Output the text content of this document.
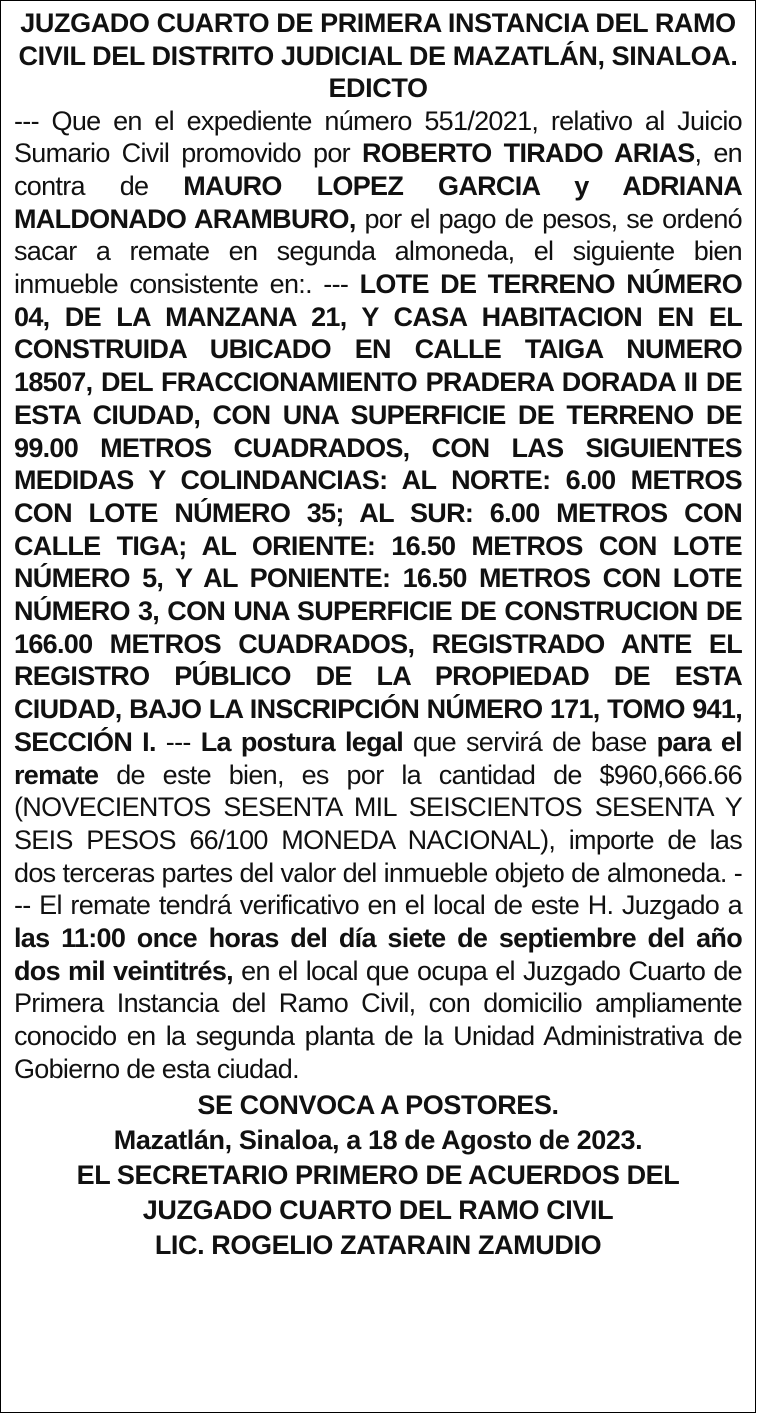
JUZGADO CUARTO DE PRIMERA INSTANCIA DEL RAMO
CIVIL DEL DISTRITO JUDICIAL DE MAZATLÁN, SINALOA.
EDICTO
--- Que en el expediente número 551/2021, relativo al Juicio Sumario Civil promovido por ROBERTO TIRADO ARIAS, en contra de MAURO LOPEZ GARCIA y ADRIANA MALDONADO ARAMBURO, por el pago de pesos, se ordenó sacar a remate en segunda almoneda, el siguiente bien inmueble consistente en:. --- LOTE DE TERRENO NÚMERO 04, DE LA MANZANA 21, Y CASA HABITACION EN EL CONSTRUIDA UBICADO EN CALLE TAIGA NUMERO 18507, DEL FRACCIONAMIENTO PRADERA DORADA II DE ESTA CIUDAD, CON UNA SUPERFICIE DE TERRENO DE 99.00 METROS CUADRADOS, CON LAS SIGUIENTES MEDIDAS Y COLINDANCIAS: AL NORTE: 6.00 METROS CON LOTE NÚMERO 35; AL SUR: 6.00 METROS CON CALLE TIGA; AL ORIENTE: 16.50 METROS CON LOTE NÚMERO 5, Y AL PONIENTE: 16.50 METROS CON LOTE NÚMERO 3, CON UNA SUPERFICIE DE CONSTRUCION DE 166.00 METROS CUADRADOS, REGISTRADO ANTE EL REGISTRO PÚBLICO DE LA PROPIEDAD DE ESTA CIUDAD, BAJO LA INSCRIPCIÓN NÚMERO 171, TOMO 941, SECCIÓN I. --- La postura legal que servirá de base para el remate de este bien, es por la cantidad de $960,666.66 (NOVECIENTOS SESENTA MIL SEISCIENTOS SESENTA Y SEIS PESOS 66/100 MONEDA NACIONAL), importe de las dos terceras partes del valor del inmueble objeto de almoneda. --- El remate tendrá verificativo en el local de este H. Juzgado a las 11:00 once horas del día siete de septiembre del año dos mil veintitrés, en el local que ocupa el Juzgado Cuarto de Primera Instancia del Ramo Civil, con domicilio ampliamente conocido en la segunda planta de la Unidad Administrativa de Gobierno de esta ciudad.
SE CONVOCA A POSTORES.
Mazatlán, Sinaloa, a 18 de Agosto de 2023.
EL SECRETARIO PRIMERO DE ACUERDOS DEL
JUZGADO CUARTO DEL RAMO CIVIL
LIC. ROGELIO ZATARAIN ZAMUDIO
